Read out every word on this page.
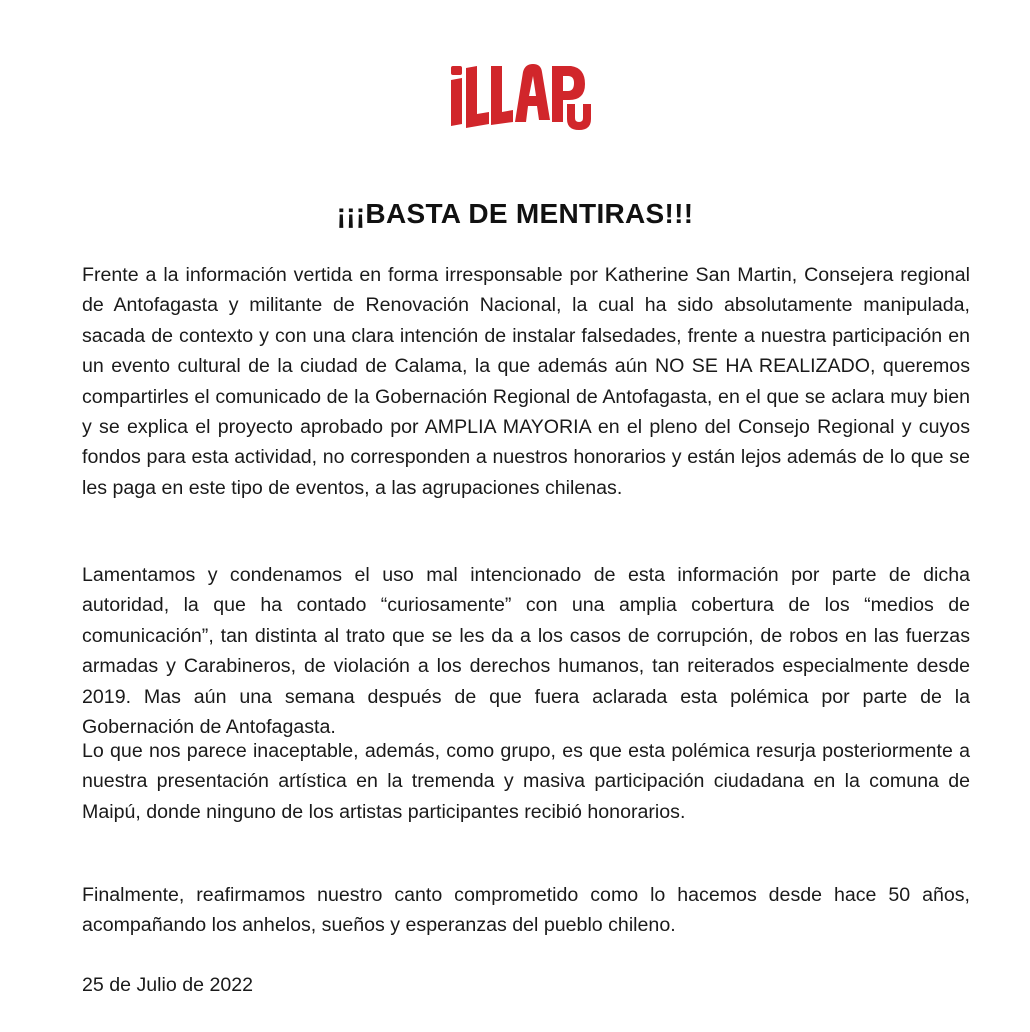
¡¡¡BASTA DE MENTIRAS!!!

Frente a la información vertida en forma irresponsable por Katherine San Martin, Consejera regional de Antofagasta y militante de Renovación Nacional, la cual ha sido absolutamente manipulada, sacada de contexto y con una clara intención de instalar falsedades, frente a nuestra participación en un evento cultural de la ciudad de Calama, la que además aún NO SE HA REALIZADO, queremos compartirles el comunicado de la Gobernación Regional de Antofagasta, en el que se aclara muy bien y se explica el proyecto aprobado por AMPLIA MAYORIA en el pleno del Consejo Regional y cuyos fondos para esta actividad, no corresponden a nuestros honorarios y están lejos además de lo que se les paga en este tipo de eventos, a las agrupaciones chilenas.

Lamentamos y condenamos el uso mal intencionado de esta información por parte de dicha autoridad, la que ha contado “curiosamente” con una amplia cobertura de los “medios de comunicación”, tan distinta al trato que se les da a los casos de corrupción, de robos en las fuerzas armadas y Carabineros, de violación a los derechos humanos, tan reiterados especialmente desde 2019. Mas aún una semana después de que fuera aclarada esta polémica por parte de la Gobernación de Antofagasta.

Lo que nos parece inaceptable, además, como grupo, es que esta polémica resurja posteriormente a nuestra presentación artística en la tremenda y masiva participación ciudadana en la comuna de Maipú, donde ninguno de los artistas participantes recibió honorarios.

Finalmente, reafirmamos nuestro canto comprometido como lo hacemos desde hace 50 años, acompañando los anhelos, sueños y esperanzas del pueblo chileno.

25 de Julio de 2022
